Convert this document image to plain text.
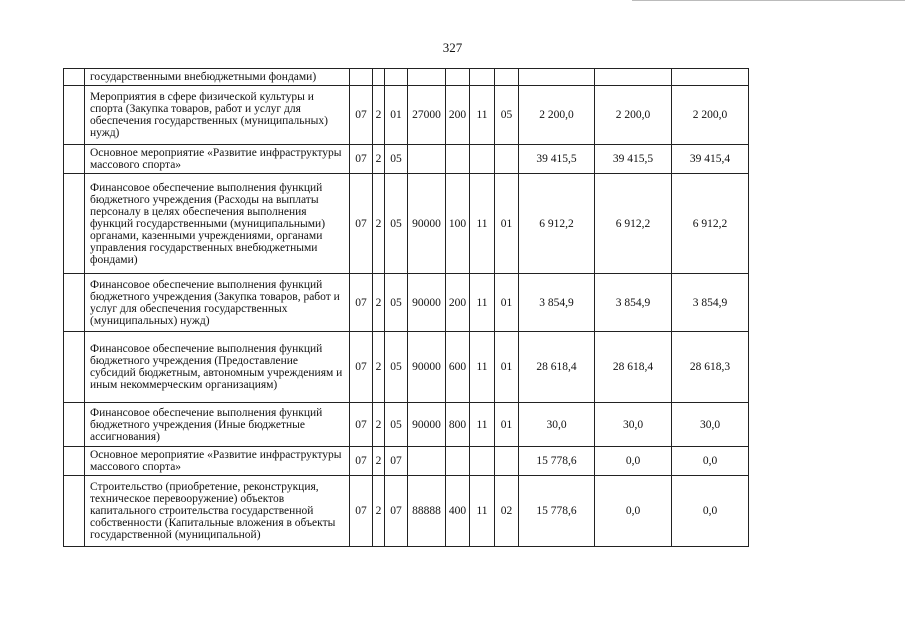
327
	государственными внебюджетными фондами)										
	Мероприятия в сфере физической культуры и спорта (Закупка товаров, работ и услуг для обеспечения государственных (муниципальных) нужд)	07	2	01	27000	200	11	05	2 200,0	2 200,0	2 200,0
	Основное мероприятие «Развитие инфраструктуры массового спорта»	07	2	05					39 415,5	39 415,5	39 415,4
	Финансовое обеспечение выполнения функций бюджетного учреждения (Расходы на выплаты персоналу в целях обеспечения выполнения функций государственными (муниципальными) органами, казенными учреждениями, органами управления государственных внебюджетными фондами)	07	2	05	90000	100	11	01	6 912,2	6 912,2	6 912,2
	Финансовое обеспечение выполнения функций бюджетного учреждения (Закупка товаров, работ и услуг для обеспечения государственных (муниципальных) нужд)	07	2	05	90000	200	11	01	3 854,9	3 854,9	3 854,9
	Финансовое обеспечение выполнения функций бюджетного учреждения (Предоставление субсидий бюджетным, автономным учреждениям и иным некоммерческим организациям)	07	2	05	90000	600	11	01	28 618,4	28 618,4	28 618,3
	Финансовое обеспечение выполнения функций бюджетного учреждения (Иные бюджетные ассигнования)	07	2	05	90000	800	11	01	30,0	30,0	30,0
	Основное мероприятие «Развитие инфраструктуры массового спорта»	07	2	07					15 778,6	0,0	0,0
	Строительство (приобретение, реконструкция, техническое перевооружение) объектов капитального строительства государственной собственности (Капитальные вложения в объекты государственной (муниципальной)	07	2	07	88888	400	11	02	15 778,6	0,0	0,0
